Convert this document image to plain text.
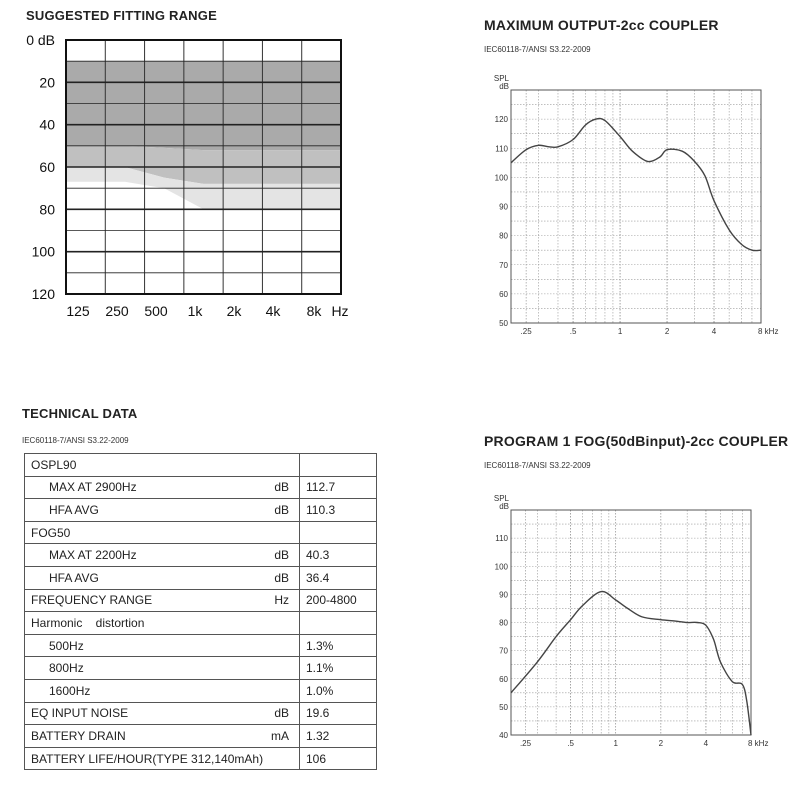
SUGGESTED FITTING RANGE
0 dB
20
40
60
80
100
120
125 250 500 1k 2k 4k 8k Hz
MAXIMUM OUTPUT-2cc COUPLER
IEC60118-7/ANSI S3.22-2009
50
60
70
80
90
100
110
120
SPL
dB
.25	.5	1	2	4	8 kHz
TECHNICAL DATA
IEC60118-7/ANSI S3.22-2009
OSPL90	
MAX AT 2900Hz dB	112.7
HFA AVG dB	110.3
FOG50	
MAX AT 2200Hz dB	40.3
HFA AVG dB	36.4
FREQUENCY RANGE Hz	200-4800
Harmonic    distortion	
500Hz	1.3%
800Hz	1.1%
1600Hz	1.0%
EQ INPUT NOISE dB	19.6
BATTERY DRAIN mA	1.32
BATTERY LIFE/HOUR(TYPE 312,140mAh)	106
PROGRAM 1 FOG(50dBinput)-2cc COUPLER
IEC60118-7/ANSI S3.22-2009
40
50
60
70
80
90
100
110
SPL
dB
.25	.5	1	2	4	8 kHz
